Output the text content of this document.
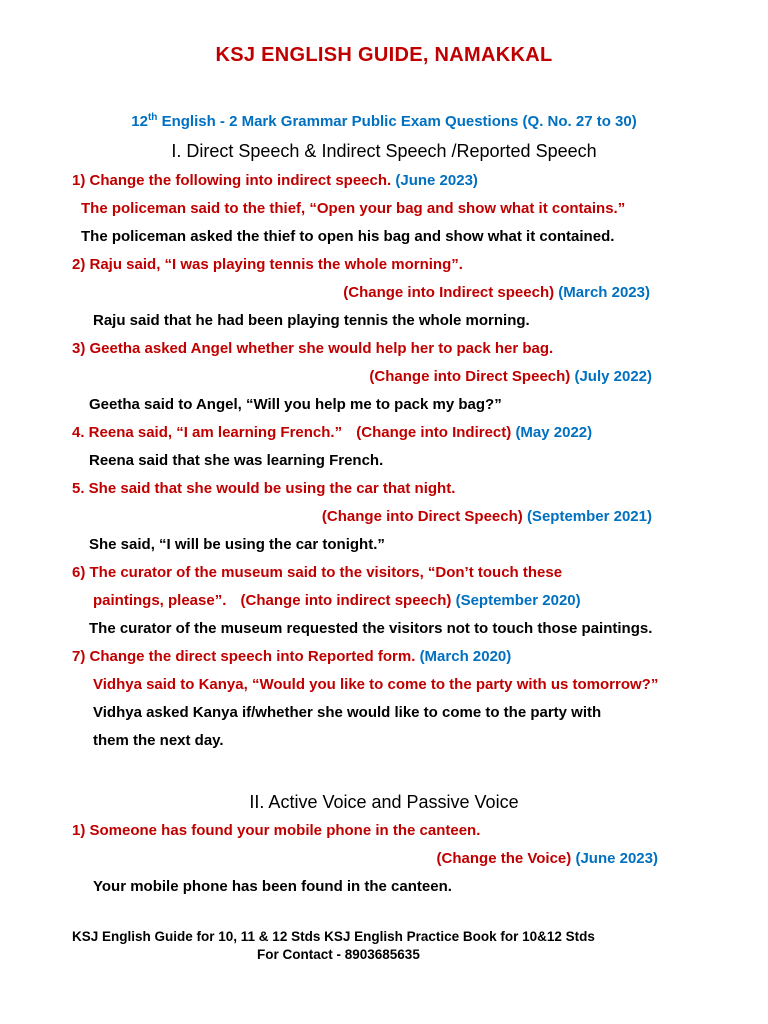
KSJ ENGLISH GUIDE, NAMAKKAL
12th English - 2 Mark Grammar Public Exam Questions (Q. No. 27 to 30)
I. Direct Speech & Indirect Speech /Reported Speech
1) Change the following into indirect speech. (June 2023)
The policeman said to the thief, “Open your bag and show what it contains.”
The policeman asked the thief to open his bag and show what it contained.
2) Raju said, “I was playing tennis the whole morning”.
(Change into Indirect speech) (March 2023)
Raju said that he had been playing tennis the whole morning.
3) Geetha asked Angel whether she would help her to pack her bag.
(Change into Direct Speech) (July 2022)
Geetha said to Angel, “Will you help me to pack my bag?”
4. Reena said, “I am learning French.” (Change into Indirect) (May 2022)
Reena said that she was learning French.
5. She said that she would be using the car that night.
(Change into Direct Speech) (September 2021)
She said, “I will be using the car tonight.”
6) The curator of the museum said to the visitors, “Don’t touch these
paintings, please”. (Change into indirect speech) (September 2020)
The curator of the museum requested the visitors not to touch those paintings.
7) Change the direct speech into Reported form. (March 2020)
Vidhya said to Kanya, “Would you like to come to the party with us tomorrow?”
Vidhya asked Kanya if/whether she would like to come to the party with
them the next day.
II. Active Voice and Passive Voice
1) Someone has found your mobile phone in the canteen.
(Change the Voice) (June 2023)
Your mobile phone has been found in the canteen.
KSJ English Guide for 10, 11 & 12 Stds KSJ English Practice Book for 10&12 Stds
For Contact - 8903685635
